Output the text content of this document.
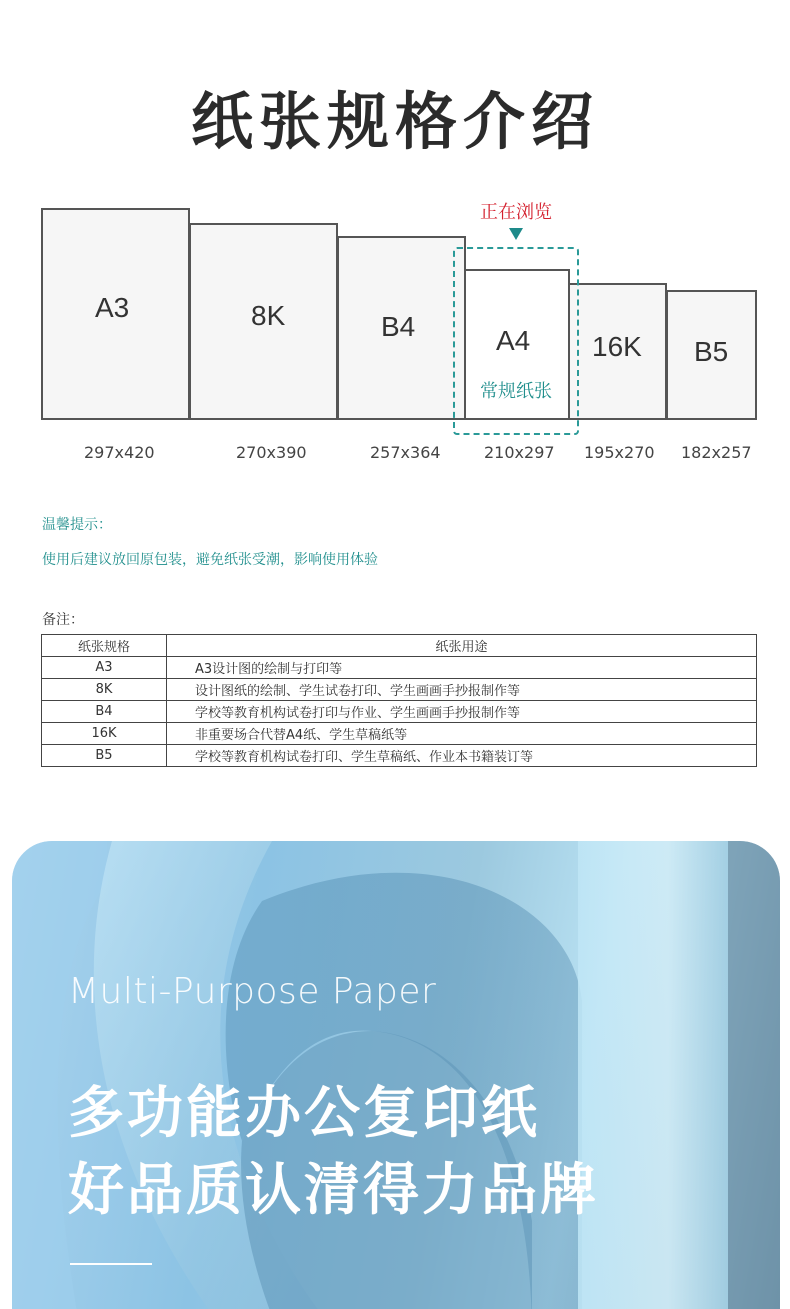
纸张规格介绍
A3	8K	B4	A4 16K B5
正在浏览
常规纸张
297x420	270x390	257x364	210x297 195x270 182x257
温馨提示：
使用后建议放回原包装，避免纸张受潮，影响使用体验
备注：
纸张规格	纸张用途
A3	A3设计图的绘制与打印等
8K	设计图纸的绘制、学生试卷打印、学生画画手抄报制作等
B4	学校等教育机构试卷打印与作业、学生画画手抄报制作等
16K	非重要场合代替A4纸、学生草稿纸等
B5	学校等教育机构试卷打印、学生草稿纸、作业本书籍装订等
Multi-Purpose Paper
多功能办公复印纸
好品质认清得力品牌
